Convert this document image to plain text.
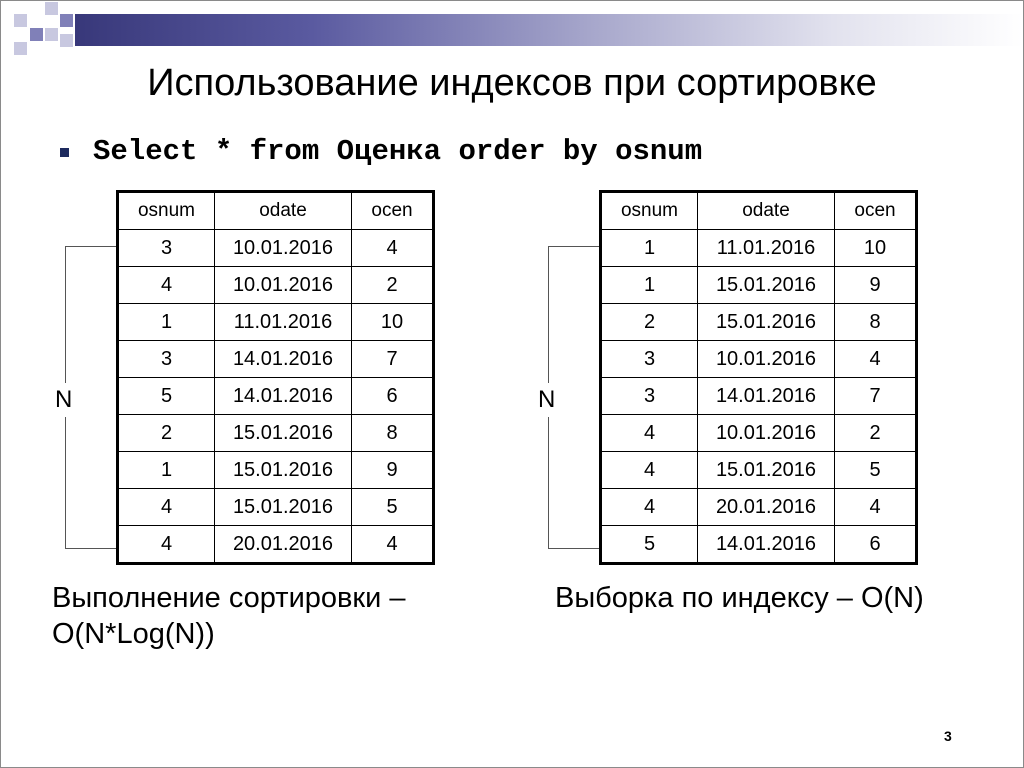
Использование индексов при сортировке
Select * from Оценка order by osnum
N
osnum	odate	ocen
3	10.01.2016	4
4	10.01.2016	2
1	11.01.2016	10
3	14.01.2016	7
5	14.01.2016	6
2	15.01.2016	8
1	15.01.2016	9
4	15.01.2016	5
4	20.01.2016	4
N
osnum	odate	ocen
1	11.01.2016	10
1	15.01.2016	9
2	15.01.2016	8
3	10.01.2016	4
3	14.01.2016	7
4	10.01.2016	2
4	15.01.2016	5
4	20.01.2016	4
5	14.01.2016	6
Выполнение сортировки –
O(N*Log(N))
Выборка по индексу – O(N)
3
